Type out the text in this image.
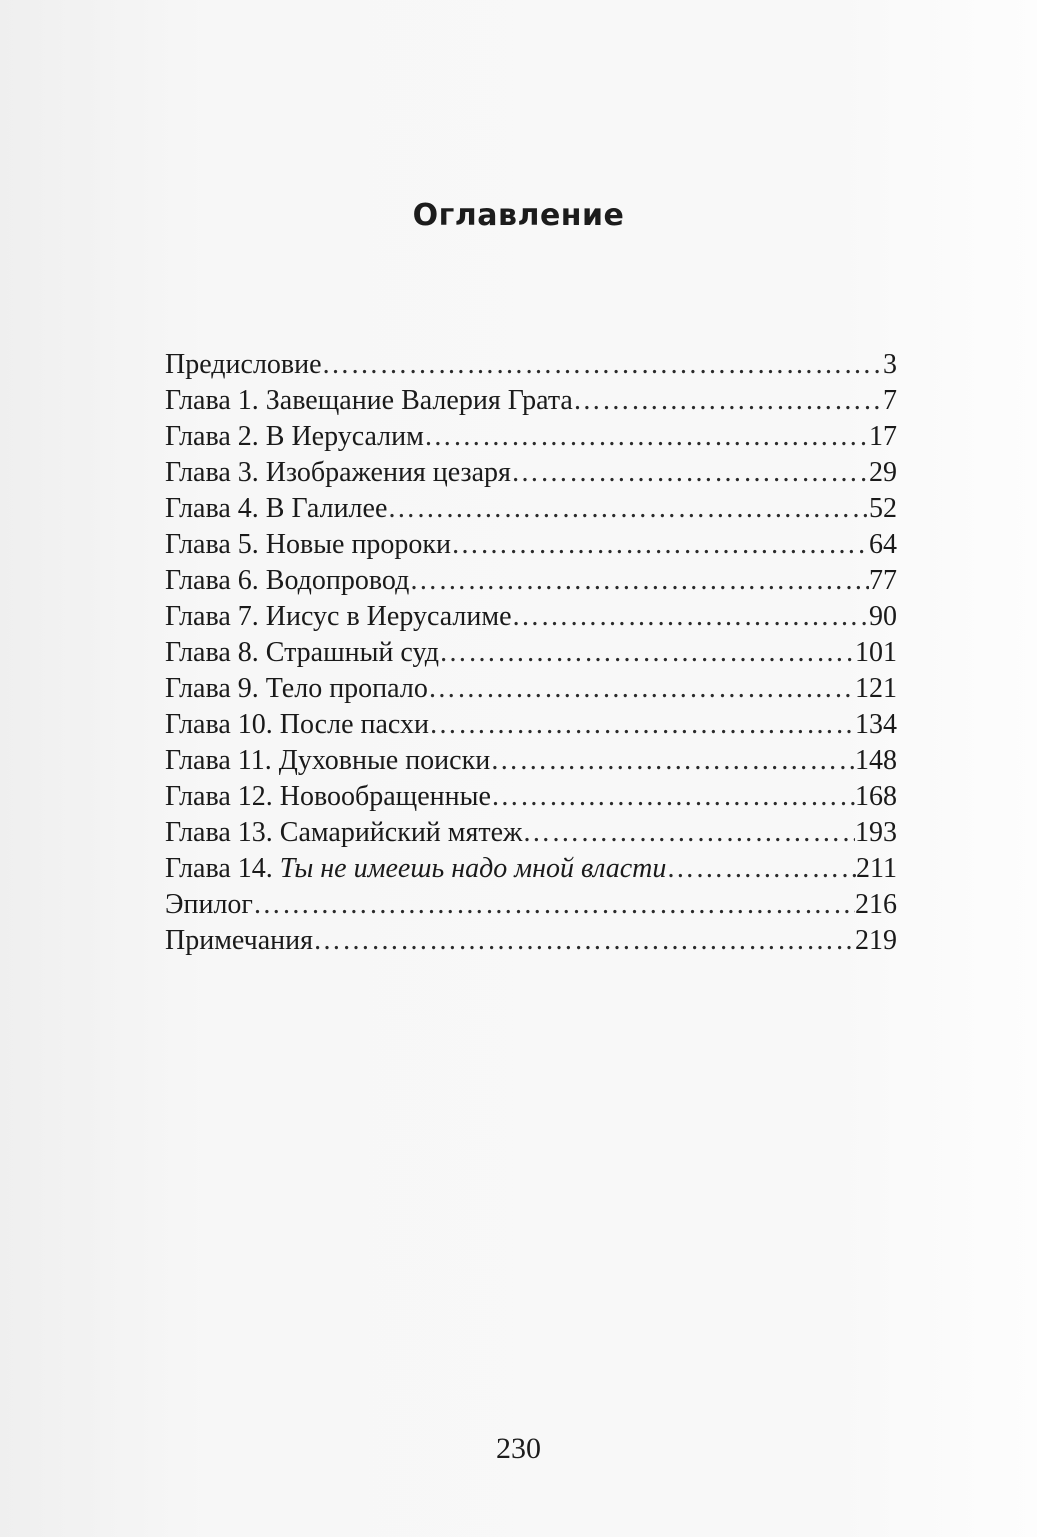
Оглавление
Предисловие …………………………………………………………………………………………………………………………………………………………	3
Глава 1. Завещание Валерия Грата …………………………………………………………………………………………………………………………………………………………	7
Глава 2. В Иерусалим …………………………………………………………………………………………………………………………………………………………	17
Глава 3. Изображения цезаря …………………………………………………………………………………………………………………………………………………………	29
Глава 4. В Галилее …………………………………………………………………………………………………………………………………………………………	52
Глава 5. Новые пророки …………………………………………………………………………………………………………………………………………………………	64
Глава 6. Водопровод …………………………………………………………………………………………………………………………………………………………	77
Глава 7. Иисус в Иерусалиме …………………………………………………………………………………………………………………………………………………………	90
Глава 8. Страшный суд …………………………………………………………………………………………………………………………………………………………	101
Глава 9. Тело пропало …………………………………………………………………………………………………………………………………………………………	121
Глава 10. После пасхи …………………………………………………………………………………………………………………………………………………………	134
Глава 11. Духовные поиски …………………………………………………………………………………………………………………………………………………………	148
Глава 12. Новообращенные …………………………………………………………………………………………………………………………………………………………	168
Глава 13. Самарийский мятеж …………………………………………………………………………………………………………………………………………………………	193
Глава 14. Ты не имеешь надо мной власти …………………………………………………………………………………………………………………………………………………………	211
Эпилог …………………………………………………………………………………………………………………………………………………………	216
Примечания …………………………………………………………………………………………………………………………………………………………	219
230
